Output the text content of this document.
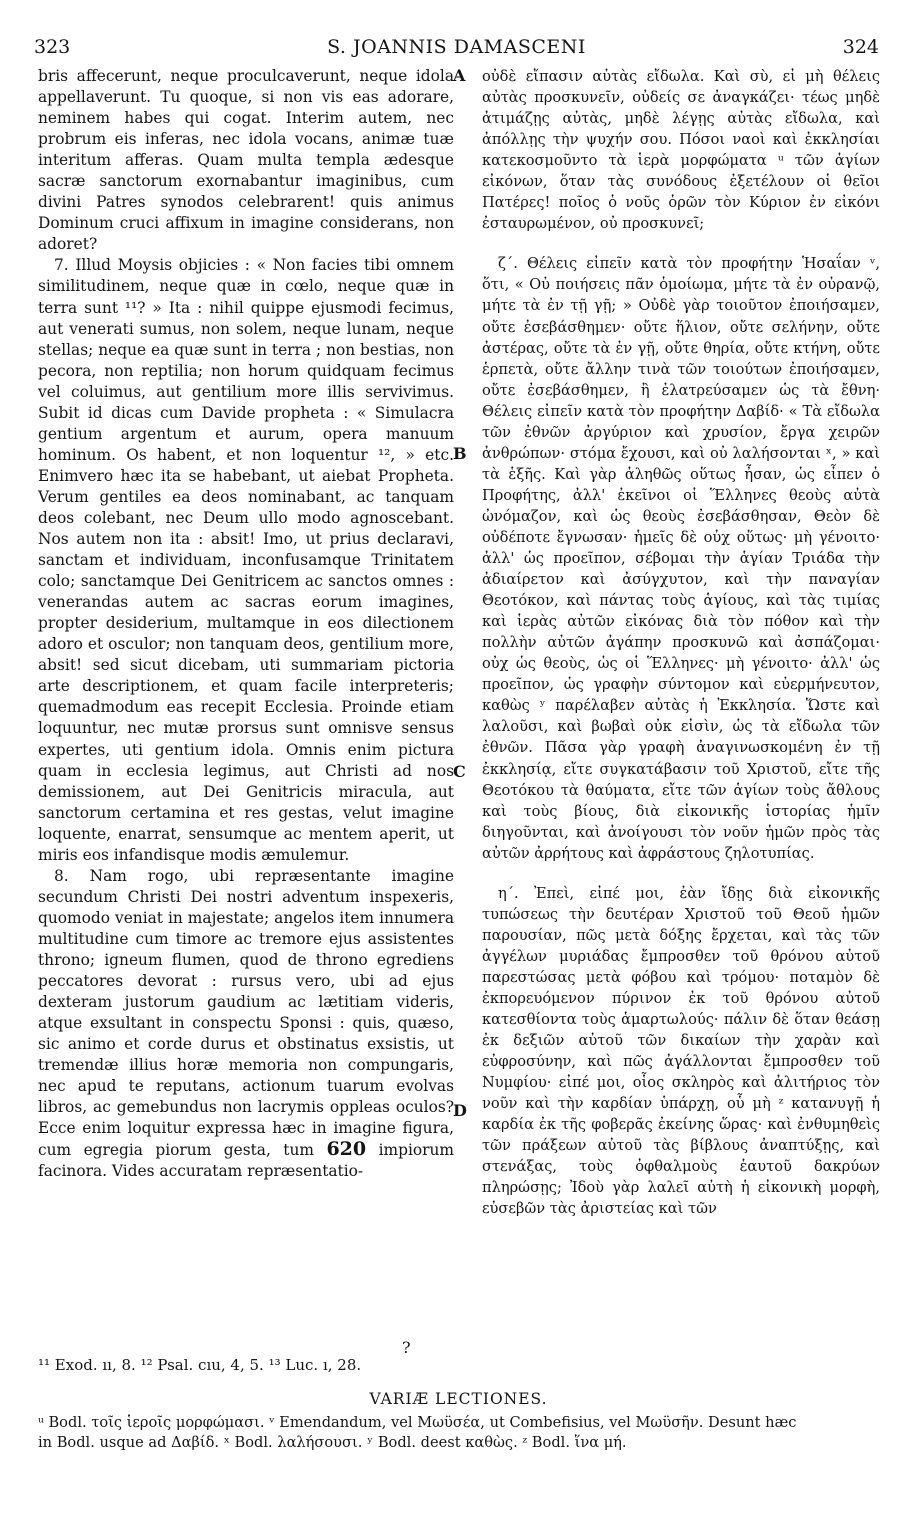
323	S. JOANNIS DAMASCENI	324

bris affecerunt, neque proculcaverunt, neque idola appellaverunt. Tu quoque, si non vis eas adorare, neminem habes qui cogat. Interim autem, nec probrum eis inferas, nec idola vocans, animæ tuæ interitum afferas. Quam multa templa ædesque sacræ sanctorum exornabantur imaginibus, cum divini Patres synodos celebrarent! quis animus Dominum cruci affixum in imagine considerans, non adoret?

7. Illud Moysis objicies : « Non facies tibi omnem similitudinem, neque quæ in cœlo, neque quæ in terra sunt ¹¹? » Ita : nihil quippe ejusmodi fecimus, aut venerati sumus, non solem, neque lunam, neque stellas; neque ea quæ sunt in terra ; non bestias, non pecora, non reptilia; non horum quidquam fecimus vel coluimus, aut gentilium more illis servivimus. Subit id dicas cum Davide propheta : « Simulacra gentium argentum et aurum, opera manuum hominum. Os habent, et non loquentur ¹², » etc. Enimvero hæc ita se habebant, ut aiebat Propheta. Verum gentiles ea deos nominabant, ac tanquam deos colebant, nec Deum ullo modo agnoscebant. Nos autem non ita : absit! Imo, ut prius declaravi, sanctam et individuam, inconfusamque Trinitatem colo; sanctamque Dei Genitricem ac sanctos omnes : venerandas autem ac sacras eorum imagines, propter desiderium, multamque in eos dilectionem adoro et osculor; non tanquam deos, gentilium more, absit! sed sicut dicebam, uti summariam pictoria arte descriptionem, et quam facile interpreteris; quemadmodum eas recepit Ecclesia. Proinde etiam loquuntur, nec mutæ prorsus sunt omnisve sensus expertes, uti gentium idola. Omnis enim pictura quam in ecclesia legimus, aut Christi ad nos demissionem, aut Dei Genitricis miracula, aut sanctorum certamina et res gestas, velut imagine loquente, enarrat, sensumque ac mentem aperit, ut miris eos infandisque modis æmulemur.

8. Nam rogo, ubi repræsentante imagine secundum Christi Dei nostri adventum inspexeris, quomodo veniat in majestate; angelos item innumera multitudine cum timore ac tremore ejus assistentes throno; igneum flumen, quod de throno egrediens peccatores devorat : rursus vero, ubi ad ejus dexteram justorum gaudium ac lætitiam videris, atque exsultant in conspectu Sponsi : quis, quæso, sic animo et corde durus et obstinatus exsistis, ut tremendæ illius horæ memoria non compungaris, nec apud te reputans, actionum tuarum evolvas libros, ac gemebundus non lacrymis oppleas oculos? Ecce enim loquitur expressa hæc in imagine figura, cum egregia piorum gesta, tum 620 impiorum facinora. Vides accuratam repræsentatio-

A
B
C
D

οὐδὲ εἴπασιν αὐτὰς εἴδωλα. Καὶ σὺ, εἰ μὴ θέλεις αὐτὰς προσκυνεῖν, οὐδείς σε ἀναγκάζει· τέως μηδὲ ἀτιμάζῃς αὐτὰς, μηδὲ λέγῃς αὐτὰς εἴδωλα, καὶ ἀπόλλῃς τὴν ψυχήν σου. Πόσοι ναοὶ καὶ ἐκκλησίαι κατεκοσμοῦντο τὰ ἱερὰ μορφώματα ᵘ τῶν ἁγίων εἰκόνων, ὅταν τὰς συνόδους ἐξετέλουν οἱ θεῖοι Πατέρες! ποῖος ὁ νοῦς ὁρῶν τὸν Κύριον ἐν εἰκόνι ἐσταυρωμένον, οὐ προσκυνεῖ;

ζ΄. Θέλεις εἰπεῖν κατὰ τὸν προφήτην Ἡσαΐαν ᵛ, ὅτι, « Οὐ ποιήσεις πᾶν ὁμοίωμα, μήτε τὰ ἐν οὐρανῷ, μήτε τὰ ἐν τῇ γῇ; » Οὐδὲ γὰρ τοιοῦτον ἐποιήσαμεν, οὔτε ἐσεβάσθημεν· οὔτε ἥλιον, οὔτε σελήνην, οὔτε ἀστέρας, οὔτε τὰ ἐν γῇ, οὔτε θηρία, οὔτε κτήνη, οὔτε ἑρπετὰ, οὔτε ἄλλην τινὰ τῶν τοιούτων ἐποιήσαμεν, οὔτε ἐσεβάσθημεν, ἢ ἐλατρεύσαμεν ὡς τὰ ἔθνη· Θέλεις εἰπεῖν κατὰ τὸν προφήτην Δαβίδ· « Τὰ εἴδωλα τῶν ἐθνῶν ἀργύριον καὶ χρυσίον, ἔργα χειρῶν ἀνθρώπων· στόμα ἔχουσι, καὶ οὐ λαλήσονται ˣ, » καὶ τὰ ἑξῆς. Καὶ γὰρ ἀληθῶς οὕτως ἦσαν, ὡς εἶπεν ὁ Προφήτης, ἀλλ' ἐκεῖνοι οἱ Ἕλληνες θεοὺς αὐτὰ ὠνόμαζον, καὶ ὡς θεοὺς ἐσεβάσθησαν, Θεὸν δὲ οὐδέποτε ἔγνωσαν· ἡμεῖς δὲ οὐχ οὕτως· μὴ γένοιτο· ἀλλ' ὡς προεῖπον, σέβομαι τὴν ἁγίαν Τριάδα τὴν ἀδιαίρετον καὶ ἀσύγχυτον, καὶ τὴν παναγίαν Θεοτόκον, καὶ πάντας τοὺς ἁγίους, καὶ τὰς τιμίας καὶ ἱερὰς αὐτῶν εἰκόνας διὰ τὸν πόθον καὶ τὴν πολλὴν αὐτῶν ἀγάπην προσκυνῶ καὶ ἀσπάζομαι· οὐχ ὡς θεοὺς, ὡς οἱ Ἕλληνες· μὴ γένοιτο· ἀλλ' ὡς προεῖπον, ὡς γραφὴν σύντομον καὶ εὐερμήνευτον, καθὼς ʸ παρέλαβεν αὐτὰς ἡ Ἐκκλησία. Ὥστε καὶ λαλοῦσι, καὶ βωβαὶ οὐκ εἰσὶν, ὡς τὰ εἴδωλα τῶν ἐθνῶν. Πᾶσα γὰρ γραφὴ ἀναγινωσκομένη ἐν τῇ ἐκκλησίᾳ, εἴτε συγκατάβασιν τοῦ Χριστοῦ, εἴτε τῆς Θεοτόκου τὰ θαύματα, εἴτε τῶν ἁγίων τοὺς ἄθλους καὶ τοὺς βίους, διὰ εἰκονικῆς ἱστορίας ἡμῖν διηγοῦνται, καὶ ἀνοίγουσι τὸν νοῦν ἡμῶν πρὸς τὰς αὐτῶν ἀρρήτους καὶ ἀφράστους ζηλοτυπίας.

η΄. Ἐπεὶ, εἰπέ μοι, ἐὰν ἴδῃς διὰ εἰκονικῆς τυπώσεως τὴν δευτέραν Χριστοῦ τοῦ Θεοῦ ἡμῶν παρουσίαν, πῶς μετὰ δόξης ἔρχεται, καὶ τὰς τῶν ἀγγέλων μυριάδας ἔμπροσθεν τοῦ θρόνου αὐτοῦ παρεστώσας μετὰ φόβου καὶ τρόμου· ποταμὸν δὲ ἐκπορευόμενον πύρινον ἐκ τοῦ θρόνου αὐτοῦ κατεσθίοντα τοὺς ἁμαρτωλούς· πάλιν δὲ ὅταν θεάσῃ ἐκ δεξιῶν αὐτοῦ τῶν δικαίων τὴν χαρὰν καὶ εὐφροσύνην, καὶ πῶς ἀγάλλονται ἔμπροσθεν τοῦ Νυμφίου· εἰπέ μοι, οἷος σκληρὸς καὶ ἀλιτήριος τὸν νοῦν καὶ τὴν καρδίαν ὑπάρχῃ, οὗ μὴ ᶻ κατανυγῇ ἡ καρδία ἐκ τῆς φοβερᾶς ἐκείνης ὥρας· καὶ ἐνθυμηθεὶς τῶν πράξεων αὐτοῦ τὰς βίβλους ἀναπτύξῃς, καὶ στενάξας, τοὺς ὀφθαλμοὺς ἑαυτοῦ δακρύων πληρώσῃς; Ἰδοὺ γὰρ λαλεῖ αὐτὴ ἡ εἰκονικὴ μορφὴ, εὐσεβῶν τὰς ἀριστείας καὶ τῶν

?
¹¹ Exod. ıı, 8. ¹² Psal. cıu, 4, 5. ¹³ Luc. ı, 28.
VARIÆ LECTIONES.
ᵘ Bodl. τοῖς ἱεροῖς μορφώμασι. ᵛ Emendandum, vel Μωϋσέα, ut Combefisius, vel Μωϋσῆν. Desunt hæc
in Bodl. usque ad Δαβίδ. ˣ Bodl. λαλήσουσι. ʸ Bodl. deest καθὼς. ᶻ Bodl. ἵνα μή.
